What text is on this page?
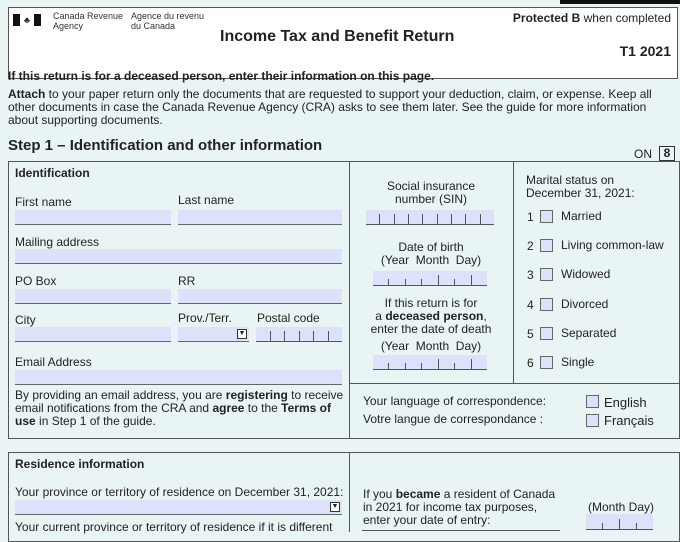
♣	Canada Revenue
Agency
Agence du revenu
du Canada
Protected B when completed
Income Tax and Benefit Return
T1 2021
If this return is for a deceased person, enter their information on this page.
Attach to your paper return only the documents that are requested to support your deduction, claim, or expense. Keep all other documents in case the Canada Revenue Agency (CRA) asks to see them later. See the guide for more information about supporting documents.
Step 1 – Identification and other information	ON 8
Identification
First name	Last name
Mailing address
PO Box	RR
City	Prov./Terr. Postal code
▼
Email Address
By providing an email address, you are registering to receive email notifications from the CRA and agree to the Terms of use in Step 1 of the guide.
Social insurance
number (SIN)
Date of birth
(Year  Month  Day)
If this return is for
a deceased person,
enter the date of death
(Year  Month  Day)
Marital status on
December 31, 2021:
1 Married
2 Living common-law
3 Widowed
4 Divorced
5 Separated
6 Single
Your language of correspondence:
Votre langue de correspondance :
English
Français
Residence information
Your province or territory of residence on December 31, 2021:
▼
Your current province or territory of residence if it is different
If you became a resident of Canada
in 2021 for income tax purposes,
enter your date of entry:
(Month Day)
